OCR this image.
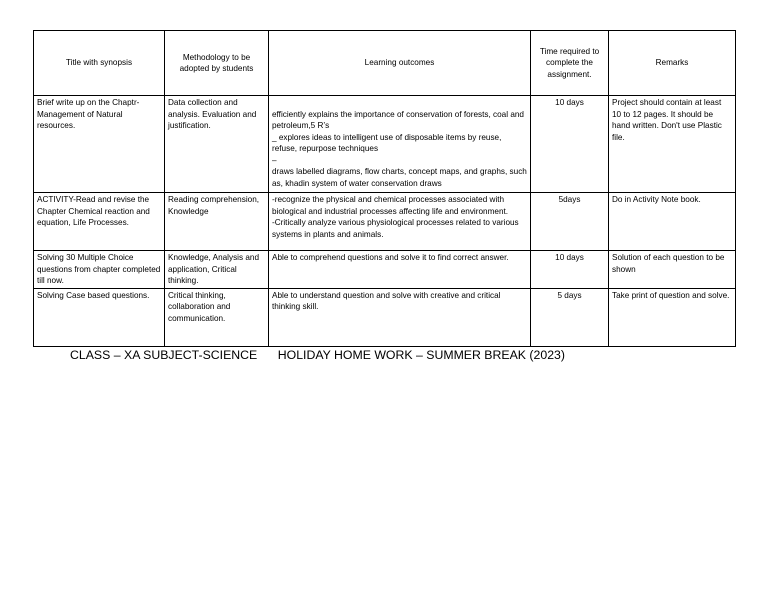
Title with synopsis	Methodology to be adopted by students	Learning outcomes	Time required to complete the assignment.	Remarks
Brief write up on the Chaptr-Management of Natural resources.	Data collection and analysis. Evaluation and justification.	efficiently explains the importance of conservation of forests, coal and petroleum,5 R’s
_ explores ideas to intelligent use of disposable items by reuse, refuse, repurpose techniques
–
draws labelled diagrams, flow charts, concept maps, and graphs, such as, khadin system of water conservation draws	10 days	Project should contain at least 10 to 12 pages. It should be hand written. Don't use Plastic file.
ACTIVITY-Read and revise the Chapter Chemical reaction and equation, Life Processes.	Reading comprehension, Knowledge	-recognize the physical and chemical processes associated with biological and industrial processes affecting life and environment.
-Critically analyze various physiological processes related to various systems in plants and animals.	5days	Do in Activity Note book.
Solving 30 Multiple Choice questions from chapter completed till now.	Knowledge, Analysis and application, Critical thinking.	Able to comprehend questions and solve it to find correct answer.	10 days	Solution of each question to be shown
Solving Case based questions.	Critical thinking, collaboration and communication.	Able to understand question and solve with creative and critical thinking skill.	5 days	Take print of question and solve.
CLASS – XA SUBJECT-SCIENCE      HOLIDAY HOME WORK – SUMMER BREAK (2023)
